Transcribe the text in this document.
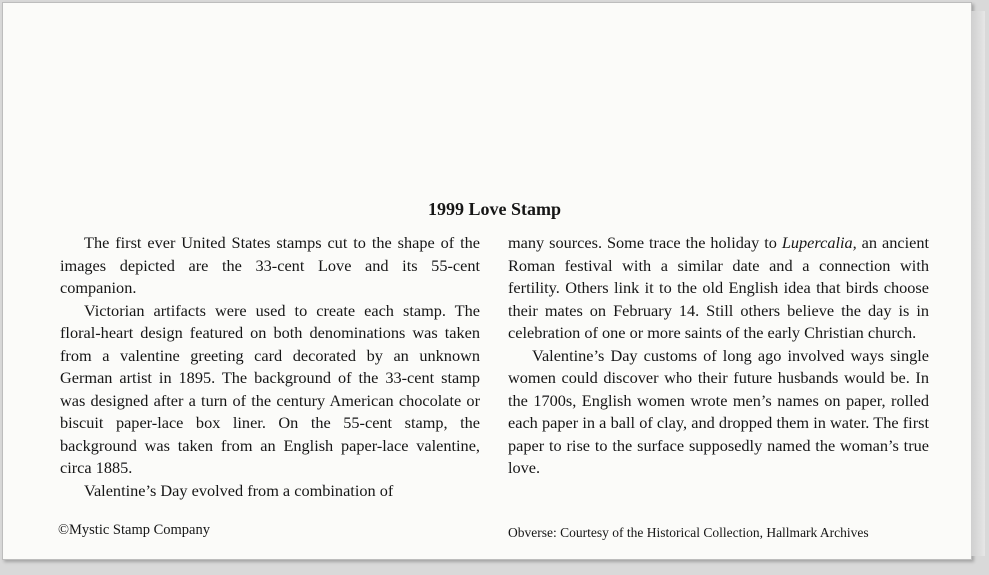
1999 Love Stamp

The first ever United States stamps cut to the shape of the images depicted are the 33-cent Love and its 55-cent companion.

Victorian artifacts were used to create each stamp. The floral-heart design featured on both denominations was taken from a valentine greeting card decorated by an unknown German artist in 1895. The background of the 33-cent stamp was designed after a turn of the century American chocolate or biscuit paper-lace box liner. On the 55-cent stamp, the background was taken from an English paper-lace valentine, circa 1885.

Valentine’s Day evolved from a combination of

many sources. Some trace the holiday to Lupercalia, an ancient Roman festival with a similar date and a connection with fertility. Others link it to the old English idea that birds choose their mates on February 14. Still others believe the day is in celebration of one or more saints of the early Christian church.

Valentine’s Day customs of long ago involved ways single women could discover who their future husbands would be. In the 1700s, English women wrote men’s names on paper, rolled each paper in a ball of clay, and dropped them in water. The first paper to rise to the surface supposedly named the woman’s true love.

©Mystic Stamp Company	Obverse: Courtesy of the Historical Collection, Hallmark Archives
